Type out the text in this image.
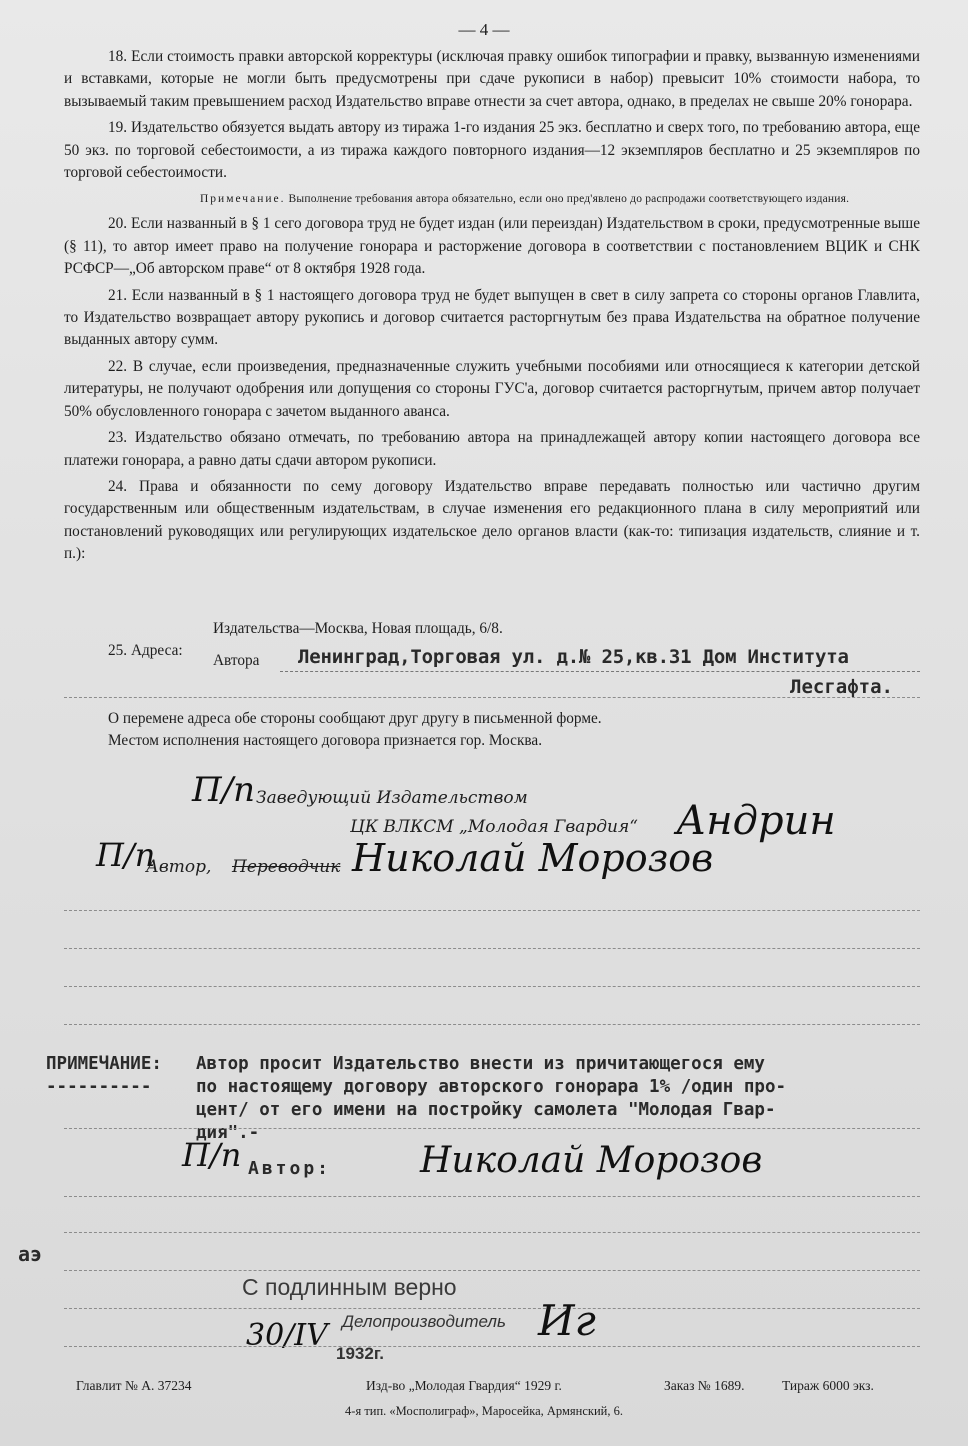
— 4 —

18. Если стоимость правки авторской корректуры (исключая правку ошибок типографии и правку, вызванную изменениями и вставками, которые не могли быть предусмотрены при сдаче рукописи в набор) превысит 10% стоимости набора, то вызываемый таким превышением расход Издательство вправе отнести за счет автора, однако, в пределах не свыше 20% гонорара.

19. Издательство обязуется выдать автору из тиража 1-го издания 25 экз. бесплатно и сверх того, по требованию автора, еще 50 экз. по торговой себестоимости, а из тиража каждого повторного издания—12 экземпляров бесплатно и 25 экземпляров по торговой себестоимости.

Примечание. Выполнение требования автора обязательно, если оно пред'явлено до распродажи соответствующего издания.

20. Если названный в § 1 сего договора труд не будет издан (или переиздан) Издательством в сроки, предусмотренные выше (§ 11), то автор имеет право на получение гонорара и расторжение договора в соответствии с постановлением ВЦИК и СНК РСФСР—„Об авторском праве“ от 8 октября 1928 года.

21. Если названный в § 1 настоящего договора труд не будет выпущен в свет в силу запрета со стороны органов Главлита, то Издательство возвращает автору рукопись и договор считается расторгнутым без права Издательства на обратное получение выданных автору сумм.

22. В случае, если произведения, предназначенные служить учебными пособиями или относящиеся к категории детской литературы, не получают одобрения или допущения со стороны ГУС'а, договор считается расторгнутым, причем автор получает 50% обусловленного гонорара с зачетом выданного аванса.

23. Издательство обязано отмечать, по требованию автора на принадлежащей автору копии настоящего договора все платежи гонорара, а равно даты сдачи автором рукописи.

24. Права и обязанности по сему договору Издательство вправе передавать полностью или частично другим государственным или общественным издательствам, в случае изменения его редакционного плана в силу мероприятий или постановлений руководящих или регулирующих издательское дело органов власти (как-то: типизация издательств, слияние и т. п.):

25. Адреса:
Издательства—Москва, Новая площадь, 6/8.
Автора Ленинград,Торговая ул. д.№ 25,кв.31 Дом Института
Лесгафта.
О перемене адреса обе стороны сообщают друг другу в письменной форме.
Местом исполнения настоящего договора признается гор. Москва.
П/п Заведующий Издательством
ЦК ВЛКСМ „Молодая Гвардия“ Андрин
П/п
Автор, Переводчик Николай Морозов
ПРИМЕЧАНИЕ:
----------
Автор просит Издательство внести из причитающегося ему
по настоящему договору авторского гонорара 1% /один про-
цент/ от его имени на постройку самолета "Молодая Гвар-
дия".-
П/п Автор: Николай Морозов
аэ
С подлинным верно
30/IV Делопроизводитель
1932г.
Иг
Главлит № А. 37234	Изд-во „Молодая Гвардия“ 1929 г.	Заказ № 1689.	Тираж 6000 экз.
4-я тип. «Мосполиграф», Маросейка, Армянский, 6.
